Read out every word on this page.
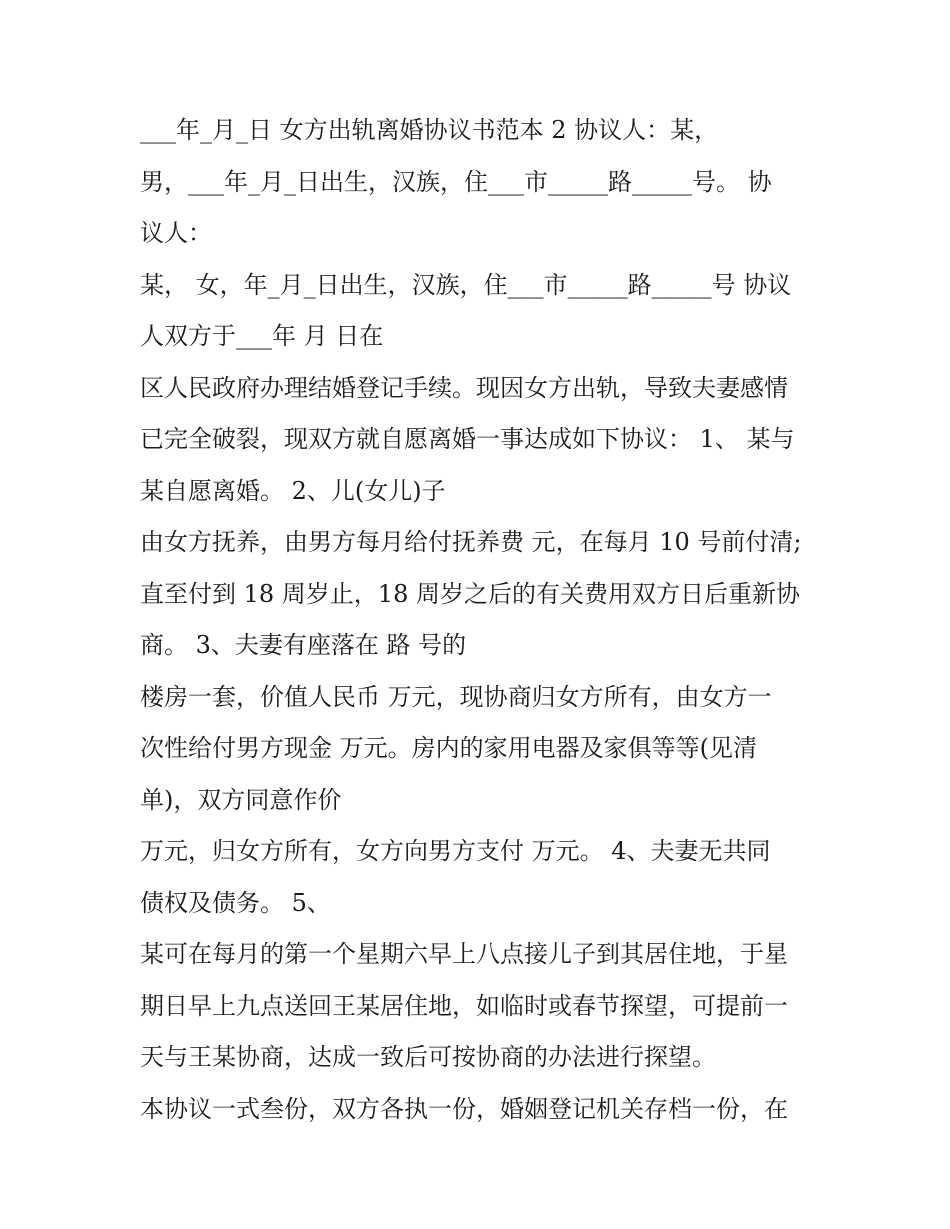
___年_月_日 女方出轨离婚协议书范本 2 协议人：某，
男，___年_月_日出生，汉族，住___市_____路_____号。 协
议人：
某， 女，年_月_日出生，汉族，住___市_____路_____号 协议
人双方于___年 月 日在
区人民政府办理结婚登记手续。现因女方出轨，导致夫妻感情
已完全破裂，现双方就自愿离婚一事达成如下协议： 1、 某与
某自愿离婚。 2、儿(女儿)子
由女方抚养，由男方每月给付抚养费 元，在每月 10 号前付清;
直至付到 18 周岁止，18 周岁之后的有关费用双方日后重新协
商。 3、夫妻有座落在 路 号的
楼房一套，价值人民币 万元，现协商归女方所有，由女方一
次性给付男方现金 万元。房内的家用电器及家俱等等(见清
单)，双方同意作价
万元，归女方所有，女方向男方支付 万元。 4、夫妻无共同
债权及债务。 5、
某可在每月的第一个星期六早上八点接儿子到其居住地，于星
期日早上九点送回王某居住地，如临时或春节探望，可提前一
天与王某协商，达成一致后可按协商的办法进行探望。
本协议一式叁份，双方各执一份，婚姻登记机关存档一份，在
